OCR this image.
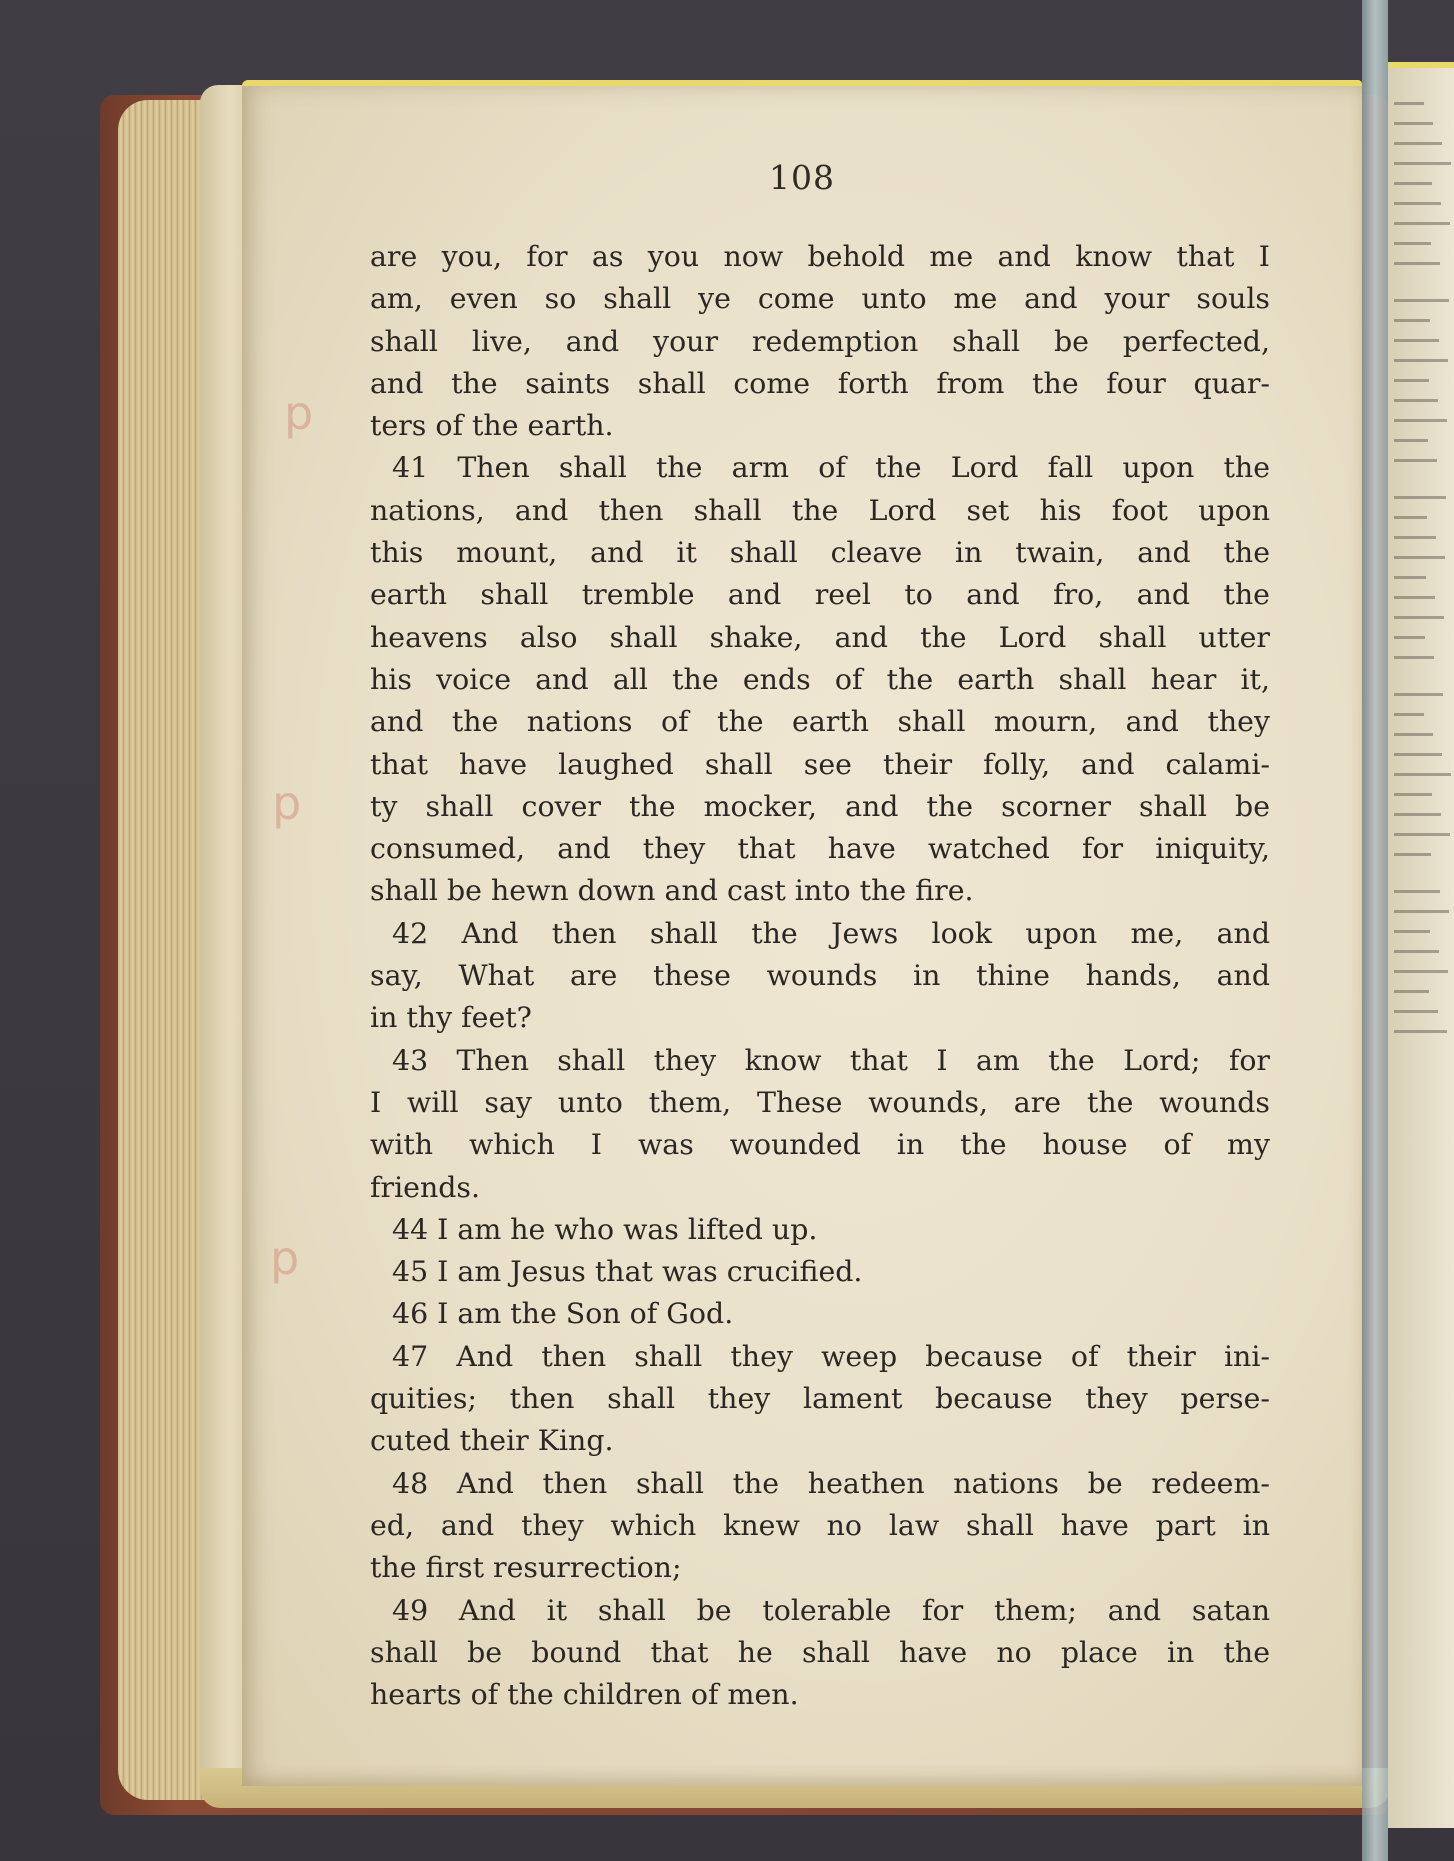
108
q
q
q
are you, for as you now behold me and know that I
am, even so shall ye come unto me and your souls
shall live, and your redemption shall be perfected,
and the saints shall come forth from the four quar-
ters of the earth.
41 Then shall the arm of the Lord fall upon the
nations, and then shall the Lord set his foot upon
this mount, and it shall cleave in twain, and the
earth shall tremble and reel to and fro, and the
heavens also shall shake, and the Lord shall utter
his voice and all the ends of the earth shall hear it,
and the nations of the earth shall mourn, and they
that have laughed shall see their folly, and calami-
ty shall cover the mocker, and the scorner shall be
consumed, and they that have watched for iniquity,
shall be hewn down and cast into the fire.
42 And then shall the Jews look upon me, and
say, What are these wounds in thine hands, and
in thy feet?
43 Then shall they know that I am the Lord; for
I will say unto them, These wounds, are the wounds
with which I was wounded in the house of my
friends.
44 I am he who was lifted up.
45 I am Jesus that was crucified.
46 I am the Son of God.
47 And then shall they weep because of their ini-
quities; then shall they lament because they perse-
cuted their King.
48 And then shall the heathen nations be redeem-
ed, and they which knew no law shall have part in
the first resurrection;
49 And it shall be tolerable for them; and satan
shall be bound that he shall have no place in the
hearts of the children of men.
